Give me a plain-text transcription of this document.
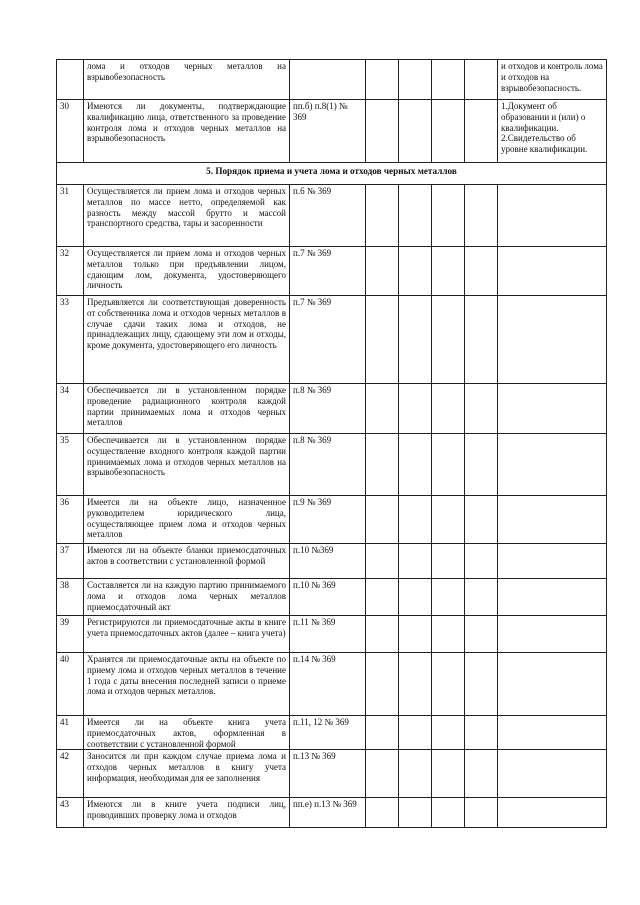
	лома и отходов черных металлов на взрывобезопасность						и отходов и контроль лома и отходов на взрывобезопасность.
30	Имеются ли документы, подтверждающие квалификацию лица, ответственного за проведение контроля лома и отходов черных металлов на взрывобезопасность	пп.б) п.8(1) № 369					1.Документ об образовании и (или) о квалификации. 2.Свидетельство об уровне квалификации.
5. Порядок приема и учета лома и отходов черных металлов							
31	Осуществляется ли прием лома и отходов черных металлов по массе нетто, определяемой как разность между массой брутто и массой транспортного средства, тары и засоренности	п.6 № 369					
32	Осуществляется ли прием лома и отходов черных металлов только при предъявлении лицом, сдающим лом, документа, удостоверяющего личность	п.7 № 369					
33	Предъявляется ли соответствующая доверенность от собственника лома и отходов черных металлов в случае сдачи таких лома и отходов, не принадлежащих лицу, сдающему эти лом и отходы, кроме документа, удостоверяющего его личность	п.7 № 369					
34	Обеспечивается ли в установленном порядке проведение радиационного контроля каждой партии принимаемых лома и отходов черных металлов	п.8 № 369					
35	Обеспечивается ли в установленном порядке осуществление входного контроля каждой партии принимаемых лома и отходов черных металлов на взрывобезопасность	п.8 № 369					
36	Имеется ли на объекте лицо, назначенное руководителем юридического лица, осуществляющее прием лома и отходов черных металлов	п.9 № 369					
37	Имеются ли на объекте бланки приемосдаточных актов в соответствии с установленной формой	п.10 №369					
38	Составляется ли на каждую партию принимаемого лома и отходов лома черных металлов приемосдаточный акт	п.10 № 369					
39	Регистрируются ли приемосдаточные акты в книге учета приемосдаточных актов (далее – книга учета)	п.11 № 369					
40	Хранятся ли приемосдаточные акты на объекте по приему лома и отходов черных металлов в течение 1 года с даты внесения последней записи о приеме лома и отходов черных металлов.	п.14 № 369					
41	Имеется ли на объекте книга учета приемосдаточных актов, оформленная в соответствии с установленной формой	п.11, 12 № 369					
42	Заносится ли при каждом случае приема лома и отходов черных металлов в книгу учета информация, необходимая для ее заполнения	п.13 № 369					
43	Имеются ли в книге учета подписи лиц, проводивших проверку лома и отходов	пп.е) п.13 № 369					
